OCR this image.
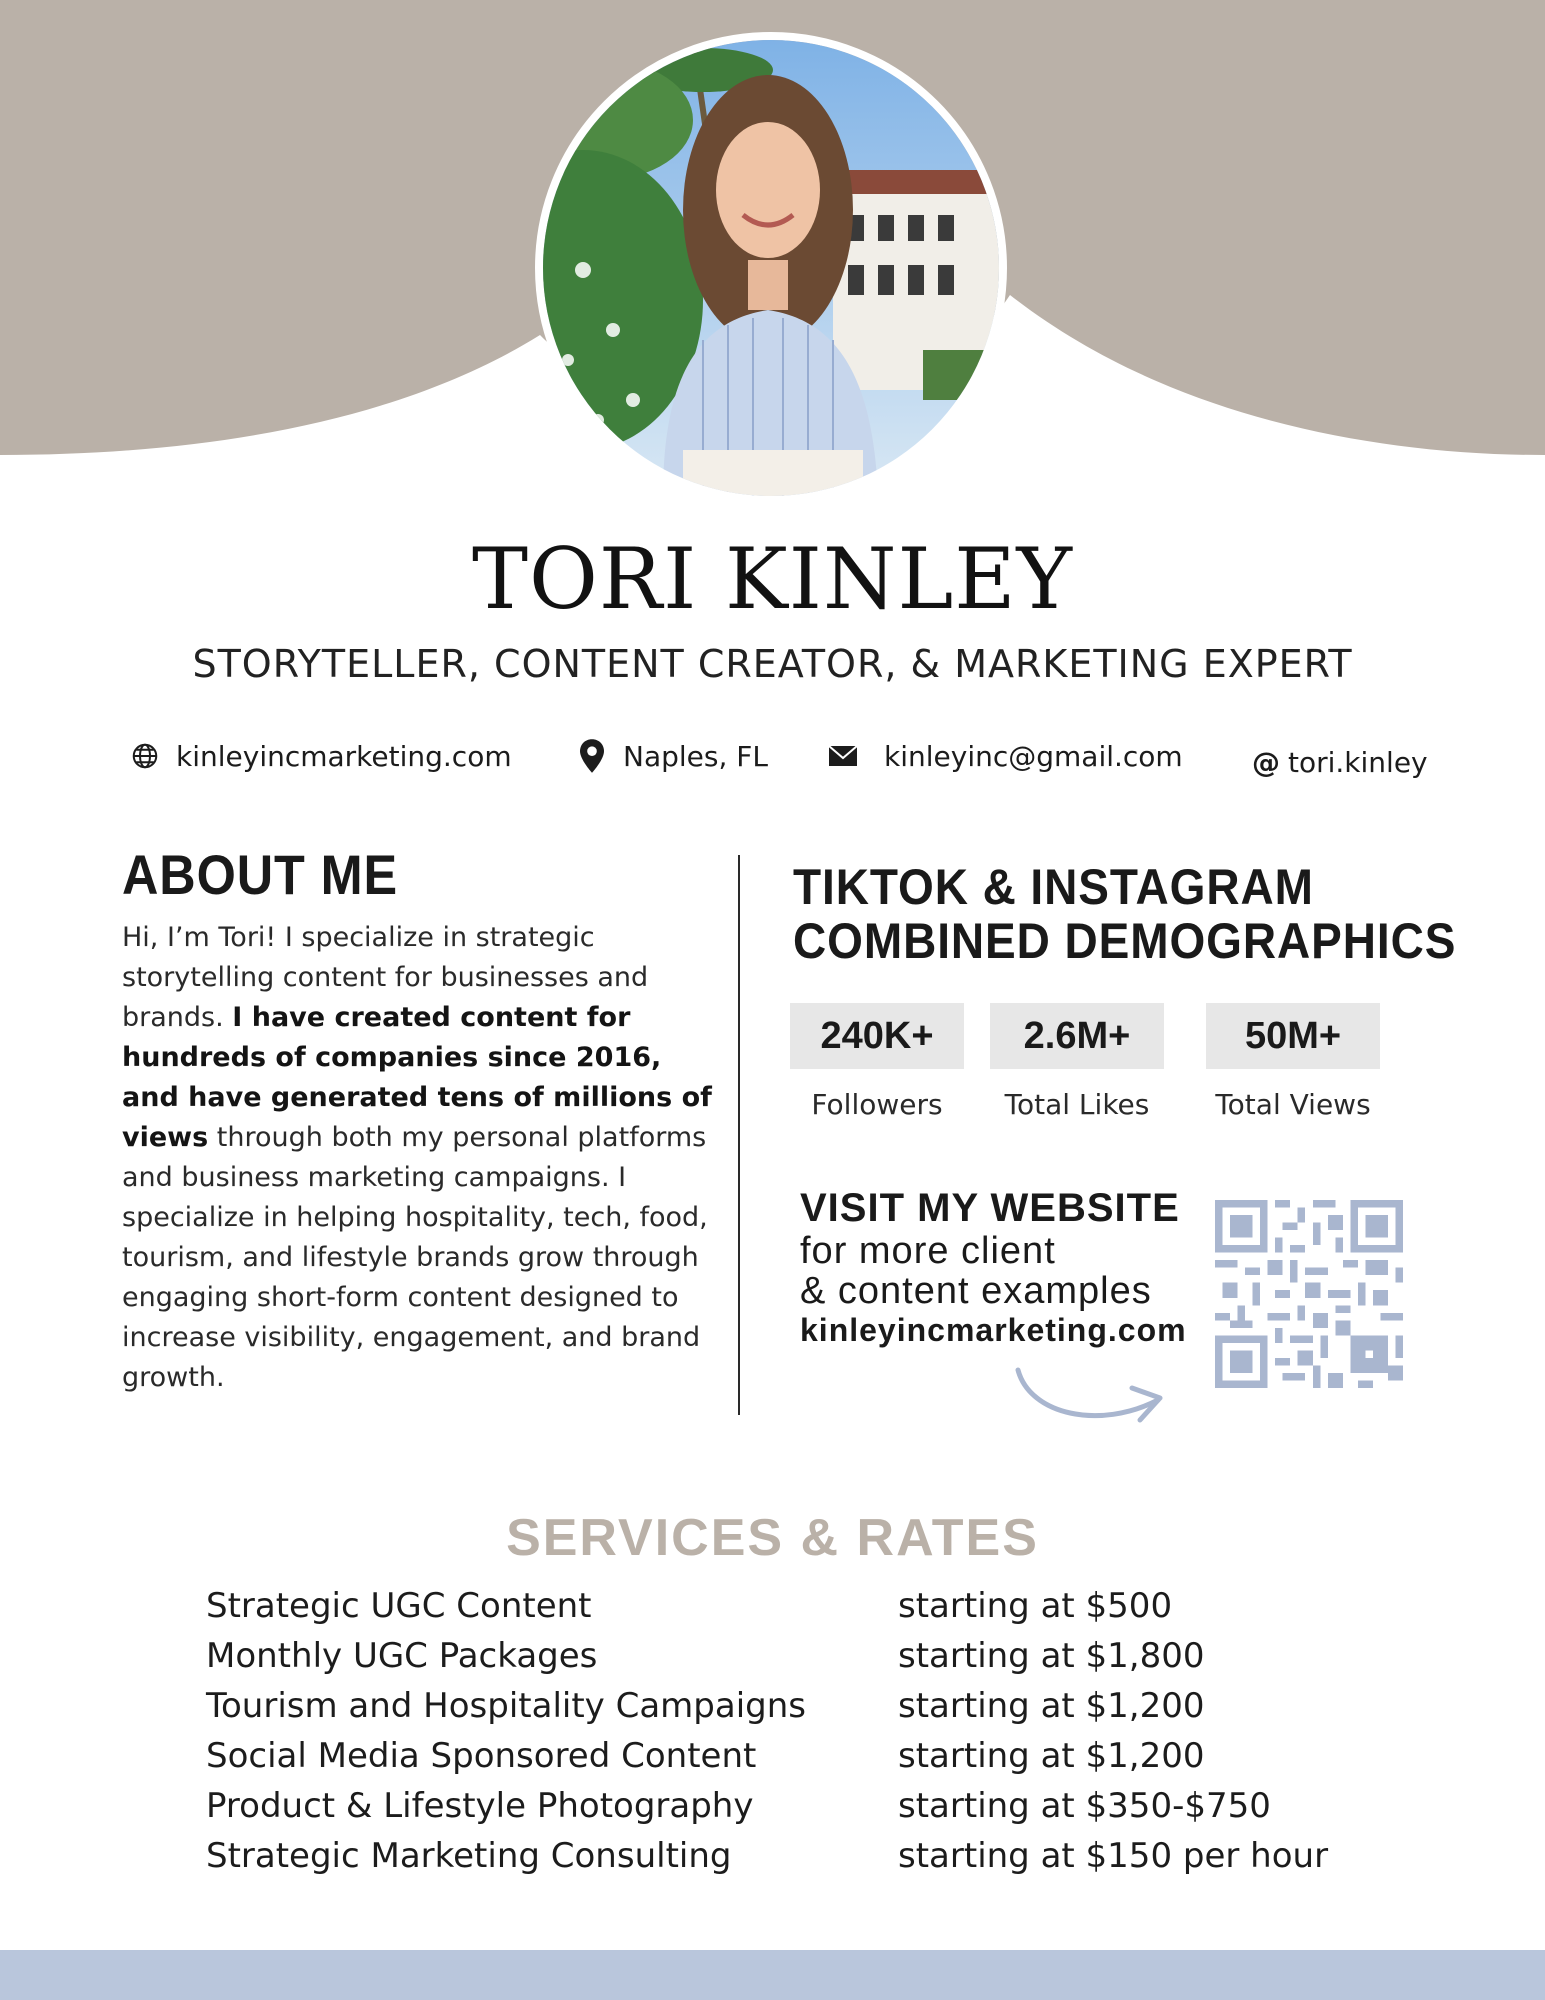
TORI KINLEY
STORYTELLER, CONTENT CREATOR, & MARKETING EXPERT
kinleyincmarketing.com	Naples, FL	kinleyinc@gmail.com @ tori.kinley
ABOUT ME
Hi, I’m Tori! I specialize in strategic storytelling content for businesses and brands. I have created content for hundreds of companies since 2016, and have generated tens of millions of views through both my personal platforms and business marketing campaigns. I specialize in helping hospitality, tech, food, tourism, and lifestyle brands grow through engaging short-form content designed to increase visibility, engagement, and brand growth.
TIKTOK & INSTAGRAM
COMBINED DEMOGRAPHICS
240K+	2.6M+	50M+
Followers	Total Likes	Total Views
VISIT MY WEBSITE
for more client
& content examples
kinleyincmarketing.com
SERVICES & RATES
Strategic UGC Content	starting at $500
Monthly UGC Packages	starting at $1,800
Tourism and Hospitality Campaigns	starting at $1,200
Social Media Sponsored Content	starting at $1,200
Product & Lifestyle Photography	starting at $350-$750
Strategic Marketing Consulting	starting at $150 per hour
